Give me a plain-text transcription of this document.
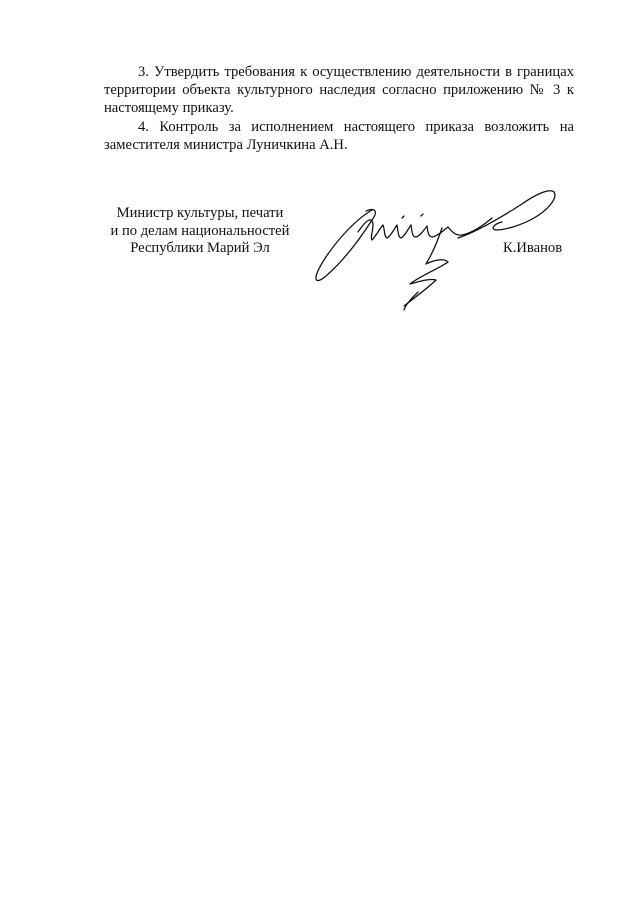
3. Утвердить требования к осуществлению деятельности в границах территории объекта культурного наследия согласно приложению № 3 к настоящему приказу.

4. Контроль за исполнением настоящего приказа возложить на заместителя министра Луничкина А.Н.

Министр культуры, печати
и по делам национальностей
Республики Марий Эл	К.Иванов
